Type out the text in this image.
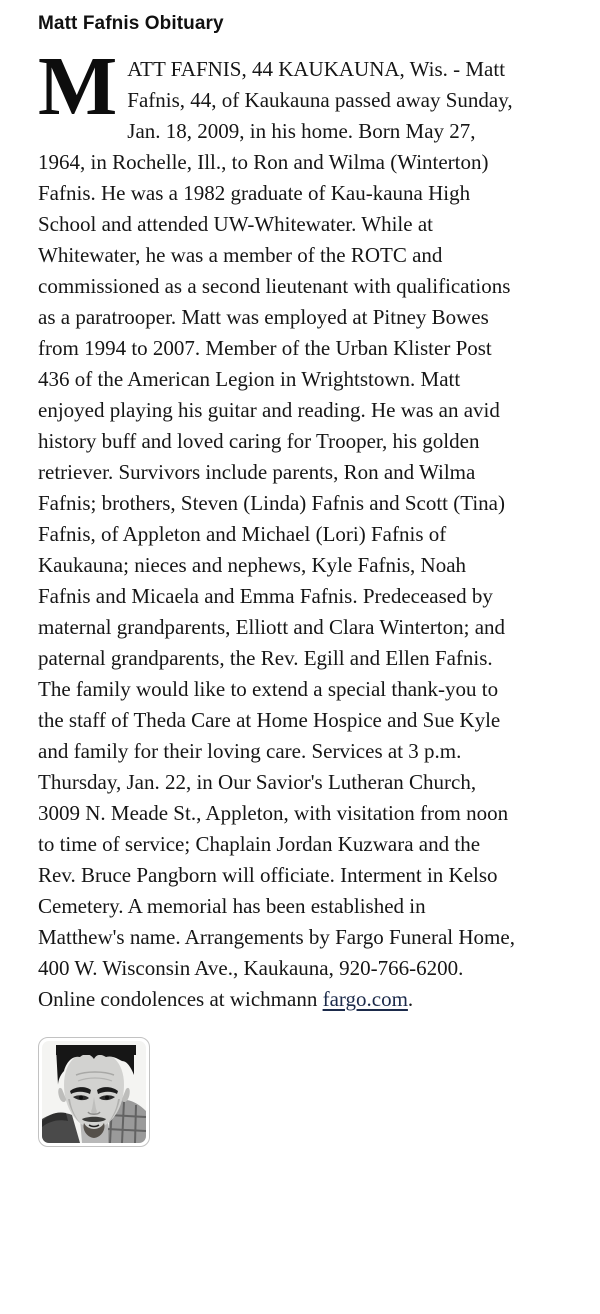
Matt Fafnis Obituary

MATT FAFNIS, 44 KAUKAUNA, Wis. - Matt Fafnis, 44, of Kaukauna passed away Sunday, Jan. 18, 2009, in his home. Born May 27, 1964, in Rochelle, Ill., to Ron and Wilma (Winterton) Fafnis. He was a 1982 graduate of Kau-kauna High School and attended UW-Whitewater. While at Whitewater, he was a member of the ROTC and commissioned as a second lieutenant with qualifications as a paratrooper. Matt was employed at Pitney Bowes from 1994 to 2007. Member of the Urban Klister Post 436 of the American Legion in Wrightstown. Matt enjoyed playing his guitar and reading. He was an avid history buff and loved caring for Trooper, his golden retriever. Survivors include parents, Ron and Wilma Fafnis; brothers, Steven (Linda) Fafnis and Scott (Tina) Fafnis, of Appleton and Michael (Lori) Fafnis of Kaukauna; nieces and nephews, Kyle Fafnis, Noah Fafnis and Micaela and Emma Fafnis. Predeceased by maternal grandparents, Elliott and Clara Winterton; and paternal grandparents, the Rev. Egill and Ellen Fafnis. The family would like to extend a special thank-you to the staff of Theda Care at Home Hospice and Sue Kyle and family for their loving care. Services at 3 p.m. Thursday, Jan. 22, in Our Savior's Lutheran Church, 3009 N. Meade St., Appleton, with visitation from noon to time of service; Chaplain Jordan Kuzwara and the Rev. Bruce Pangborn will officiate. Interment in Kelso Cemetery. A memorial has been established in Matthew's name. Arrangements by Fargo Funeral Home, 400 W. Wisconsin Ave., Kaukauna, 920-766-6200. Online condolences at wichmann fargo.com.
